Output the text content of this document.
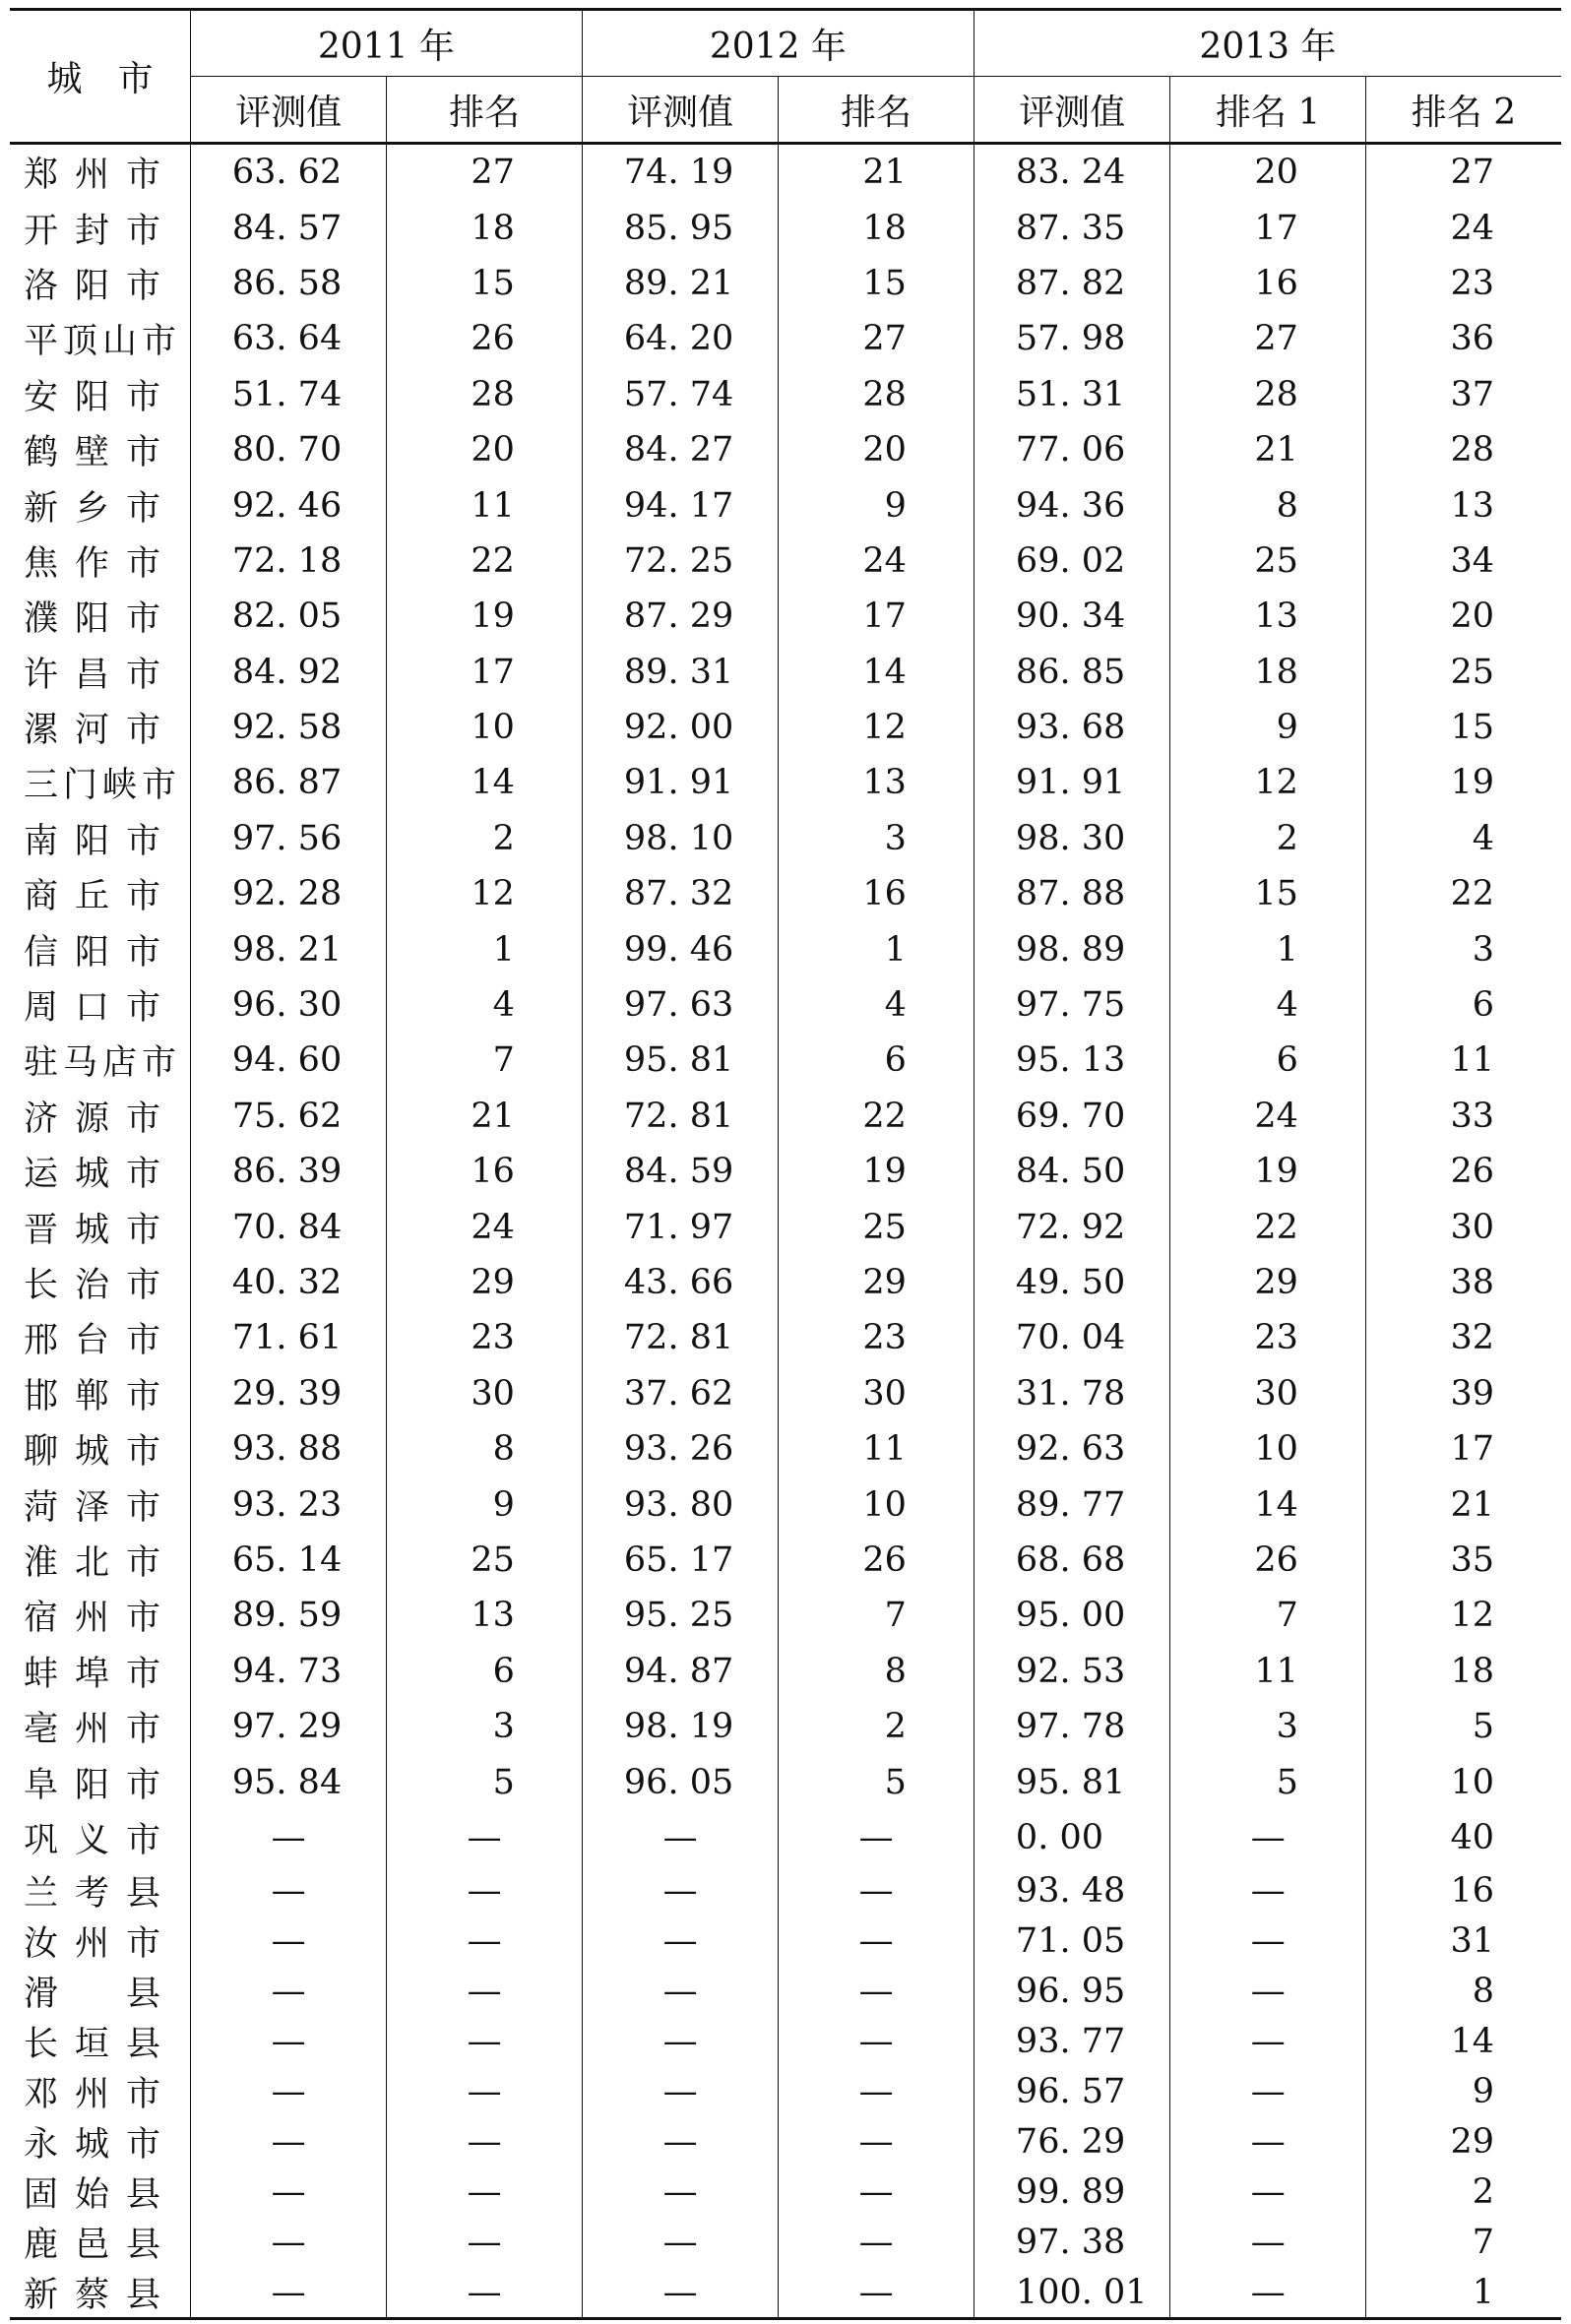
城　市	2011 年		2012 年		2013 年		
	评测值	排名	评测值	排名	评测值	排名 1	排名 2
郑 州 市	63. 62	27	74. 19	21	83. 24	20	27
开 封 市	84. 57	18	85. 95	18	87. 35	17	24
洛 阳 市	86. 58	15	89. 21	15	87. 82	16	23
平 顶 山 市	63. 64	26	64. 20	27	57. 98	27	36
安 阳 市	51. 74	28	57. 74	28	51. 31	28	37
鹤 壁 市	80. 70	20	84. 27	20	77. 06	21	28
新 乡 市	92. 46	11	94. 17	9	94. 36	8	13
焦 作 市	72. 18	22	72. 25	24	69. 02	25	34
濮 阳 市	82. 05	19	87. 29	17	90. 34	13	20
许 昌 市	84. 92	17	89. 31	14	86. 85	18	25
漯 河 市	92. 58	10	92. 00	12	93. 68	9	15
三 门 峡 市	86. 87	14	91. 91	13	91. 91	12	19
南 阳 市	97. 56	2	98. 10	3	98. 30	2	4
商 丘 市	92. 28	12	87. 32	16	87. 88	15	22
信 阳 市	98. 21	1	99. 46	1	98. 89	1	3
周 口 市	96. 30	4	97. 63	4	97. 75	4	6
驻 马 店 市	94. 60	7	95. 81	6	95. 13	6	11
济 源 市	75. 62	21	72. 81	22	69. 70	24	33
运 城 市	86. 39	16	84. 59	19	84. 50	19	26
晋 城 市	70. 84	24	71. 97	25	72. 92	22	30
长 治 市	40. 32	29	43. 66	29	49. 50	29	38
邢 台 市	71. 61	23	72. 81	23	70. 04	23	32
邯 郸 市	29. 39	30	37. 62	30	31. 78	30	39
聊 城 市	93. 88	8	93. 26	11	92. 63	10	17
菏 泽 市	93. 23	9	93. 80	10	89. 77	14	21
淮 北 市	65. 14	25	65. 17	26	68. 68	26	35
宿 州 市	89. 59	13	95. 25	7	95. 00	7	12
蚌 埠 市	94. 73	6	94. 87	8	92. 53	11	18
亳 州 市	97. 29	3	98. 19	2	97. 78	3	5
阜 阳 市	95. 84	5	96. 05	5	95. 81	5	10
巩 义 市	—	—	—	—	0. 00	—	40
兰 考 县	—	—	—	—	93. 48	—	16
汝 州 市	—	—	—	—	71. 05	—	31
滑 县	—	—	—	—	96. 95	—	8
长 垣 县	—	—	—	—	93. 77	—	14
邓 州 市	—	—	—	—	96. 57	—	9
永 城 市	—	—	—	—	76. 29	—	29
固 始 县	—	—	—	—	99. 89	—	2
鹿 邑 县	—	—	—	—	97. 38	—	7
新 蔡 县	—	—	—	—	100. 01	—	1
